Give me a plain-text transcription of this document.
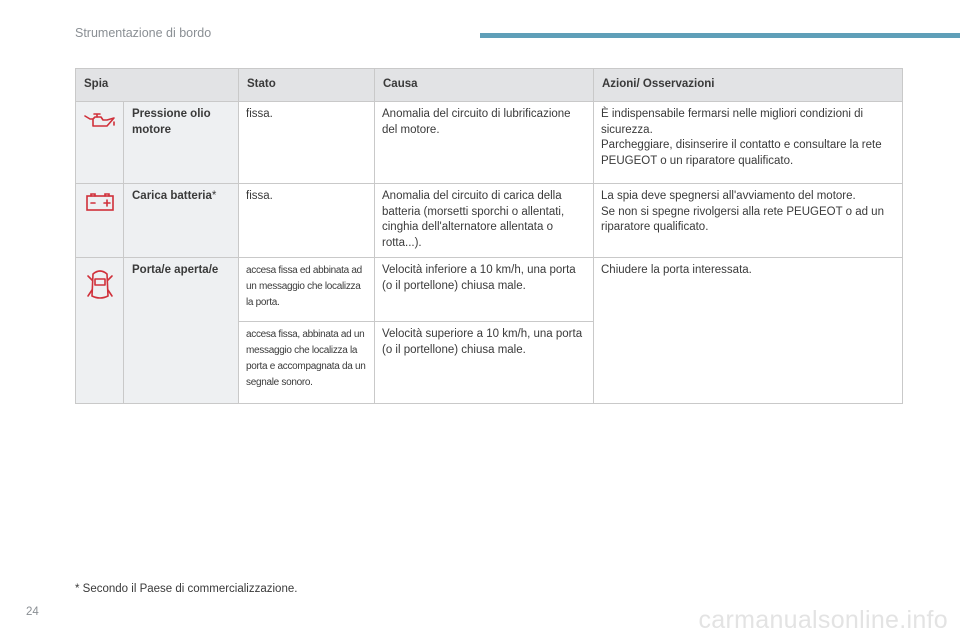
Strumentazione di bordo
Spia		Stato	Causa	Azioni/ Osservazioni

	Pressione olio motore	fissa.	Anomalia del circuito di lubrificazione del motore.	È indispensabile fermarsi nelle migliori condizioni di sicurezza.
Parcheggiare, disinserire il contatto e consultare la rete PEUGEOT o un riparatore qualificato.

	Carica batteria*	fissa.	Anomalia del circuito di carica della batteria (morsetti sporchi o allentati, cinghia dell'alternatore allentata o rotta...).	La spia deve spegnersi all'avviamento del motore.
Se non si spegne rivolgersi alla rete PEUGEOT o ad un riparatore qualificato.

	Porta/e aperta/e	accesa fissa ed abbinata ad un messaggio che localizza la porta.	Velocità inferiore a 10 km/h, una porta (o il portellone) chiusa male.	Chiudere la porta interessata.

		accesa fissa, abbinata ad un messaggio che localizza la porta e accompagnata da un segnale sonoro.	Velocità superiore a 10 km/h, una porta (o il portellone) chiusa male.	
* Secondo il Paese di commercializzazione.
24	carmanualsonline.info
